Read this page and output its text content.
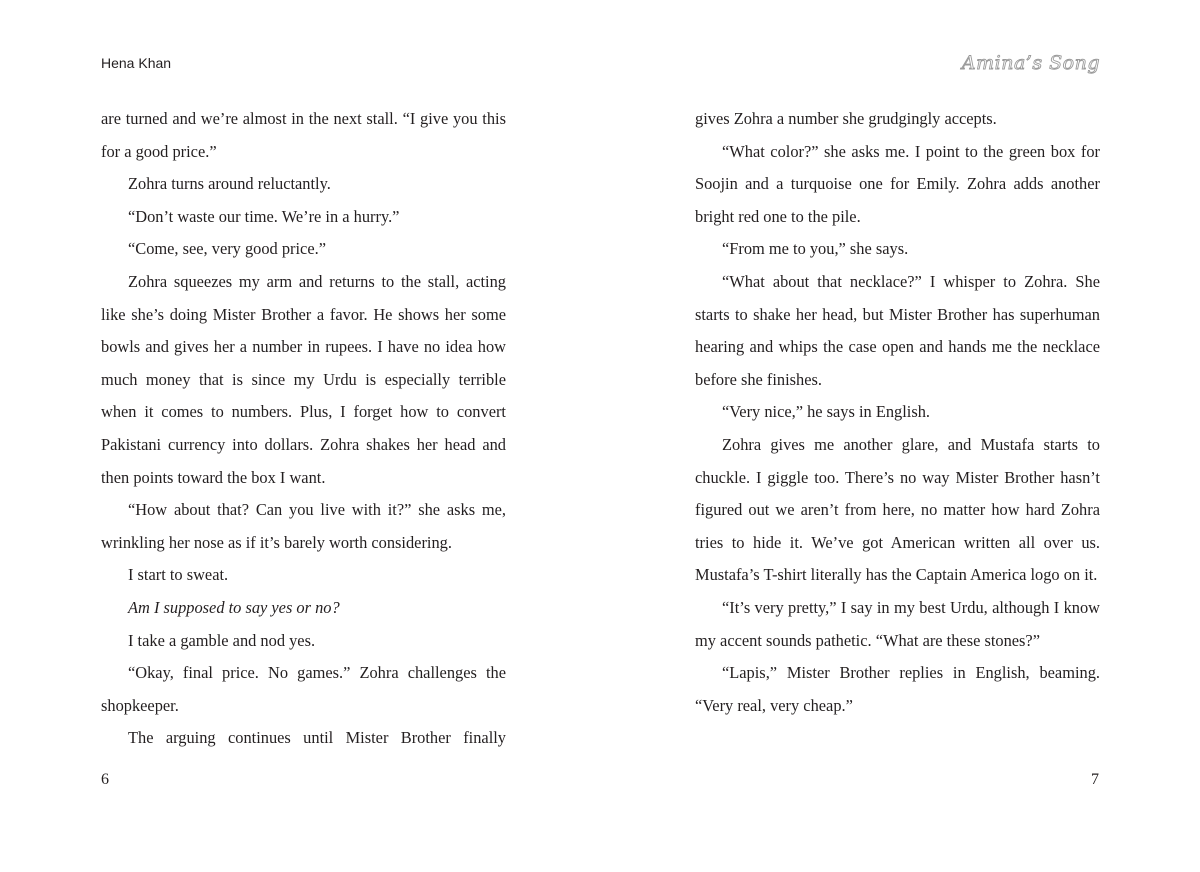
Hena Khan

are turned and we’re almost in the next stall. “I give you this for a good price.”

Zohra turns around reluctantly.

“Don’t waste our time. We’re in a hurry.”

“Come, see, very good price.”

Zohra squeezes my arm and returns to the stall, acting like she’s doing Mister Brother a favor. He shows her some bowls and gives her a number in rupees. I have no idea how much money that is since my Urdu is especially terrible when it comes to numbers. Plus, I forget how to convert Pakistani currency into dollars. Zohra shakes her head and then points toward the box I want.

“How about that? Can you live with it?” she asks me, wrinkling her nose as if it’s barely worth considering.

I start to sweat.

Am I supposed to say yes or no?

I take a gamble and nod yes.

“Okay, final price. No games.” Zohra challenges the shopkeeper.

The arguing continues until Mister Brother finally

6
Amina’s Song

gives Zohra a number she grudgingly accepts.

“What color?” she asks me. I point to the green box for Soojin and a turquoise one for Emily. Zohra adds another bright red one to the pile.

“From me to you,” she says.

“What about that necklace?” I whisper to Zohra. She starts to shake her head, but Mister Brother has superhuman hearing and whips the case open and hands me the necklace before she finishes.

“Very nice,” he says in English.

Zohra gives me another glare, and Mustafa starts to chuckle. I giggle too. There’s no way Mister Brother hasn’t figured out we aren’t from here, no matter how hard Zohra tries to hide it. We’ve got American written all over us. Mustafa’s T-shirt literally has the Captain America logo on it.

“It’s very pretty,” I say in my best Urdu, although I know my accent sounds pathetic. “What are these stones?”

“Lapis,” Mister Brother replies in English, beaming. “Very real, very cheap.”

7
